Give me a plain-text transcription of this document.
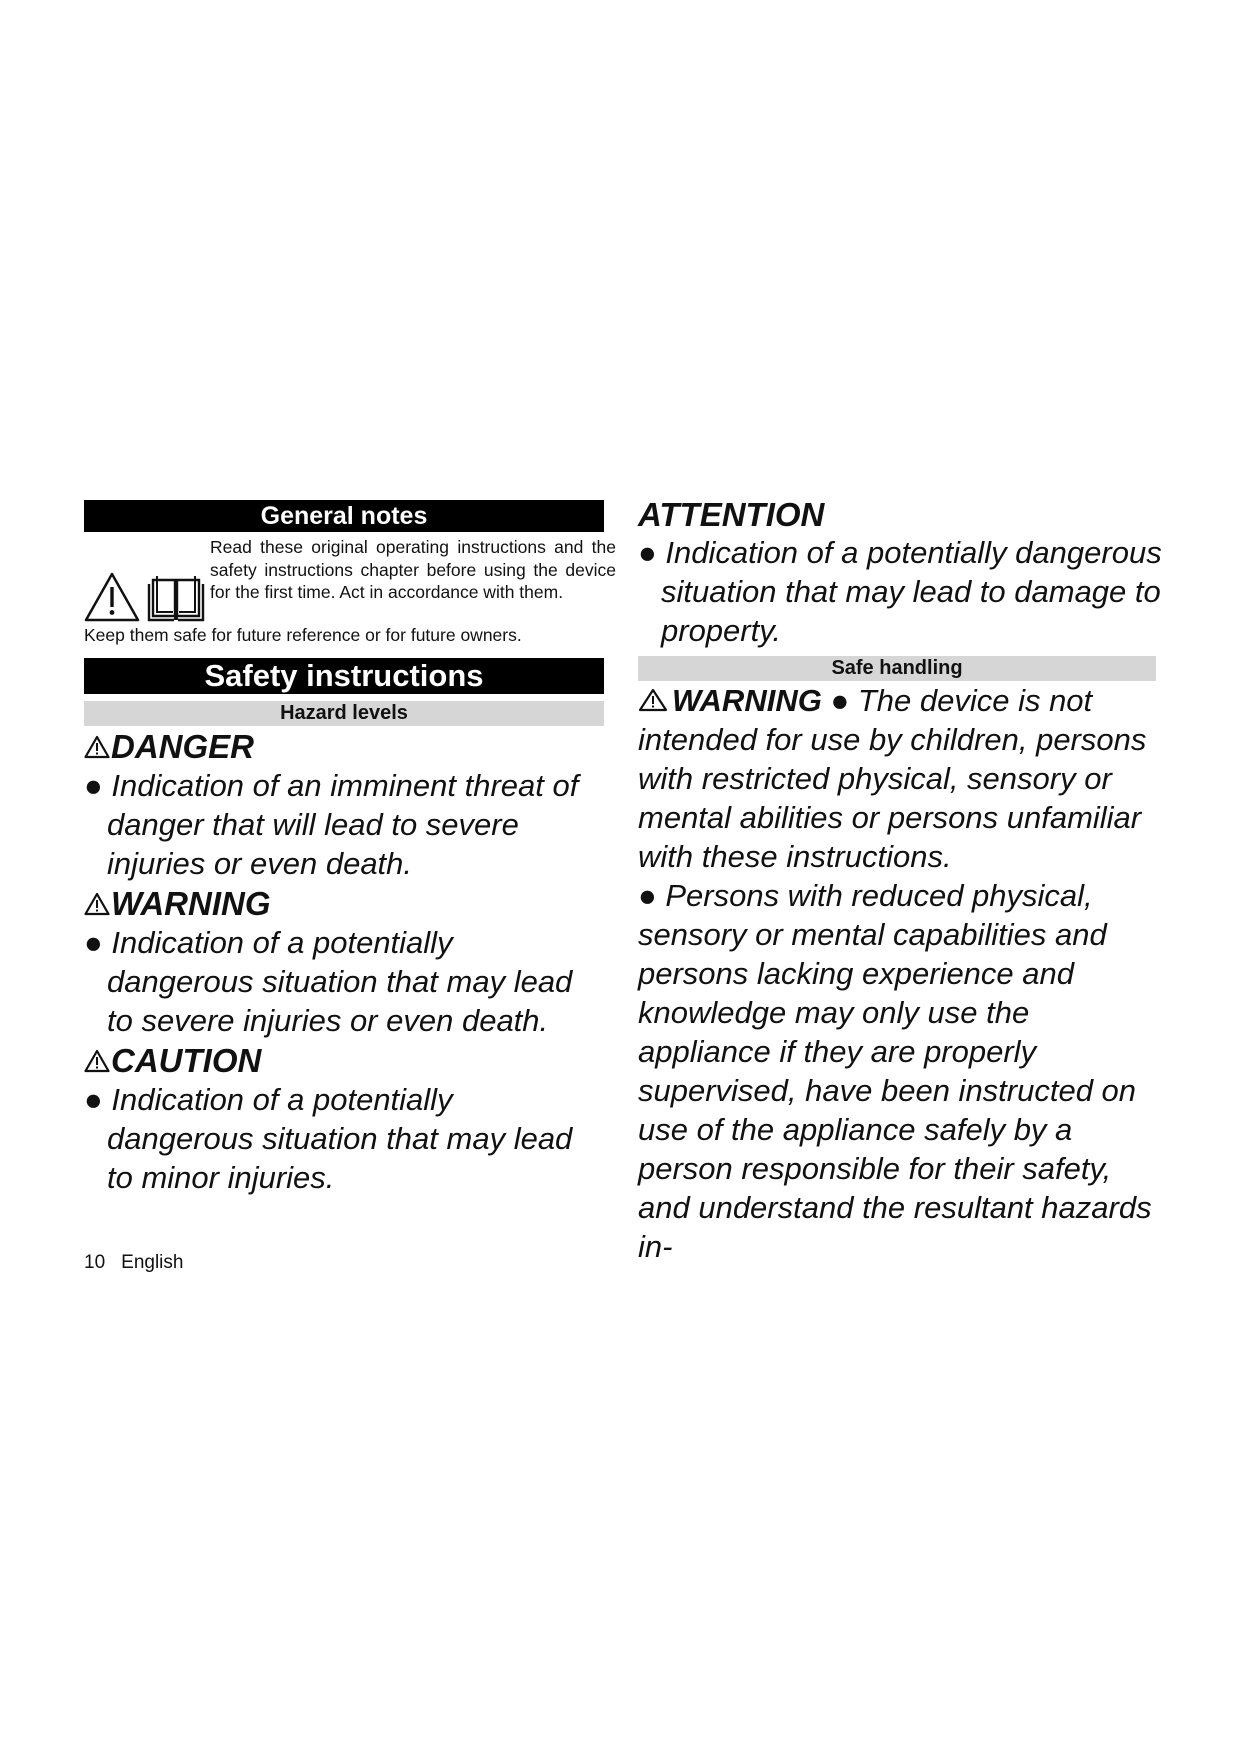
General notes
Read these original operating instructions and the safety instructions chapter before using the device for the first time. Act in accordance with them.
Keep them safe for future reference or for future owners.
Safety instructions
Hazard levels
DANGER
● Indication of an imminent threat of danger that will lead to severe injuries or even death.
WARNING
● Indication of a potentially dangerous situation that may lead to severe injuries or even death.
CAUTION
● Indication of a potentially dangerous situation that may lead to minor injuries.
ATTENTION
● Indication of a potentially dangerous situation that may lead to damage to property.
Safe handling
WARNING ● The device is not intended for use by children, persons with restricted physical, sensory or mental abilities or persons unfamiliar with these instructions.
● Persons with reduced physical, sensory or mental capabilities and persons lacking experience and knowledge may only use the appliance if they are properly supervised, have been instructed on use of the appliance safely by a person responsible for their safety, and understand the resultant hazards in-
10 English
